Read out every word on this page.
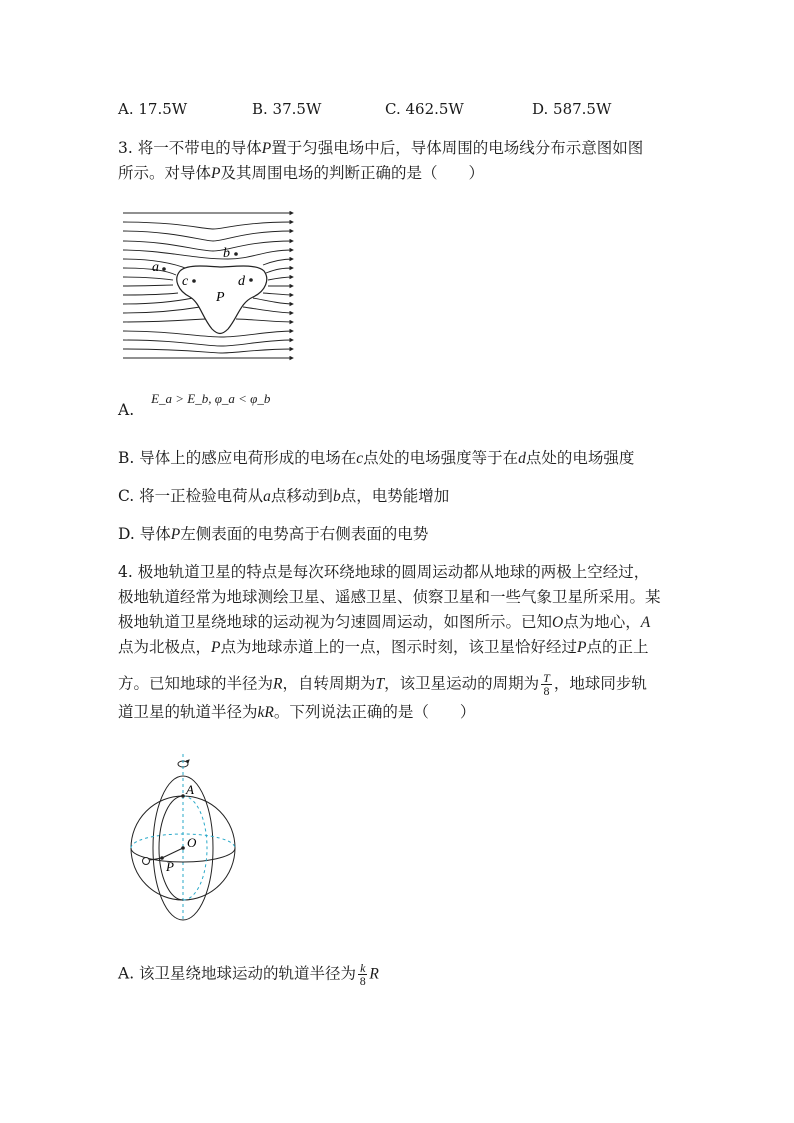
A. 17.5W	B. 37.5W	C. 462.5W	D. 587.5W
3. 将一不带电的导体P置于匀强电场中后，导体周围的电场线分布示意图如图
所示。对导体P及其周围电场的判断正确的是（　　）
a
b
c	d
P
A. $^{E\_a > E\_b, \varphi\_a < \varphi\_b}$
B. 导体上的感应电荷形成的电场在c点处的电场强度等于在d点处的电场强度
C. 将一正检验电荷从a点移动到b点，电势能增加
D. 导体P左侧表面的电势高于右侧表面的电势
4. 极地轨道卫星的特点是每次环绕地球的圆周运动都从地球的两极上空经过，
极地轨道经常为地球测绘卫星、遥感卫星、侦察卫星和一些气象卫星所采用。某
极地轨道卫星绕地球的运动视为匀速圆周运动，如图所示。已知O点为地心，A
点为北极点，P点为地球赤道上的一点，图示时刻，该卫星恰好经过P点的正上
方。已知地球的半径为R，自转周期为T，该卫星运动的周期为 $\frac{T}{8}$ ，地球同步轨
道卫星的轨道半径为kR。下列说法正确的是（　　）
A
O
P
A. 该卫星绕地球运动的轨道半径为 $\frac{k}{8}$ R
